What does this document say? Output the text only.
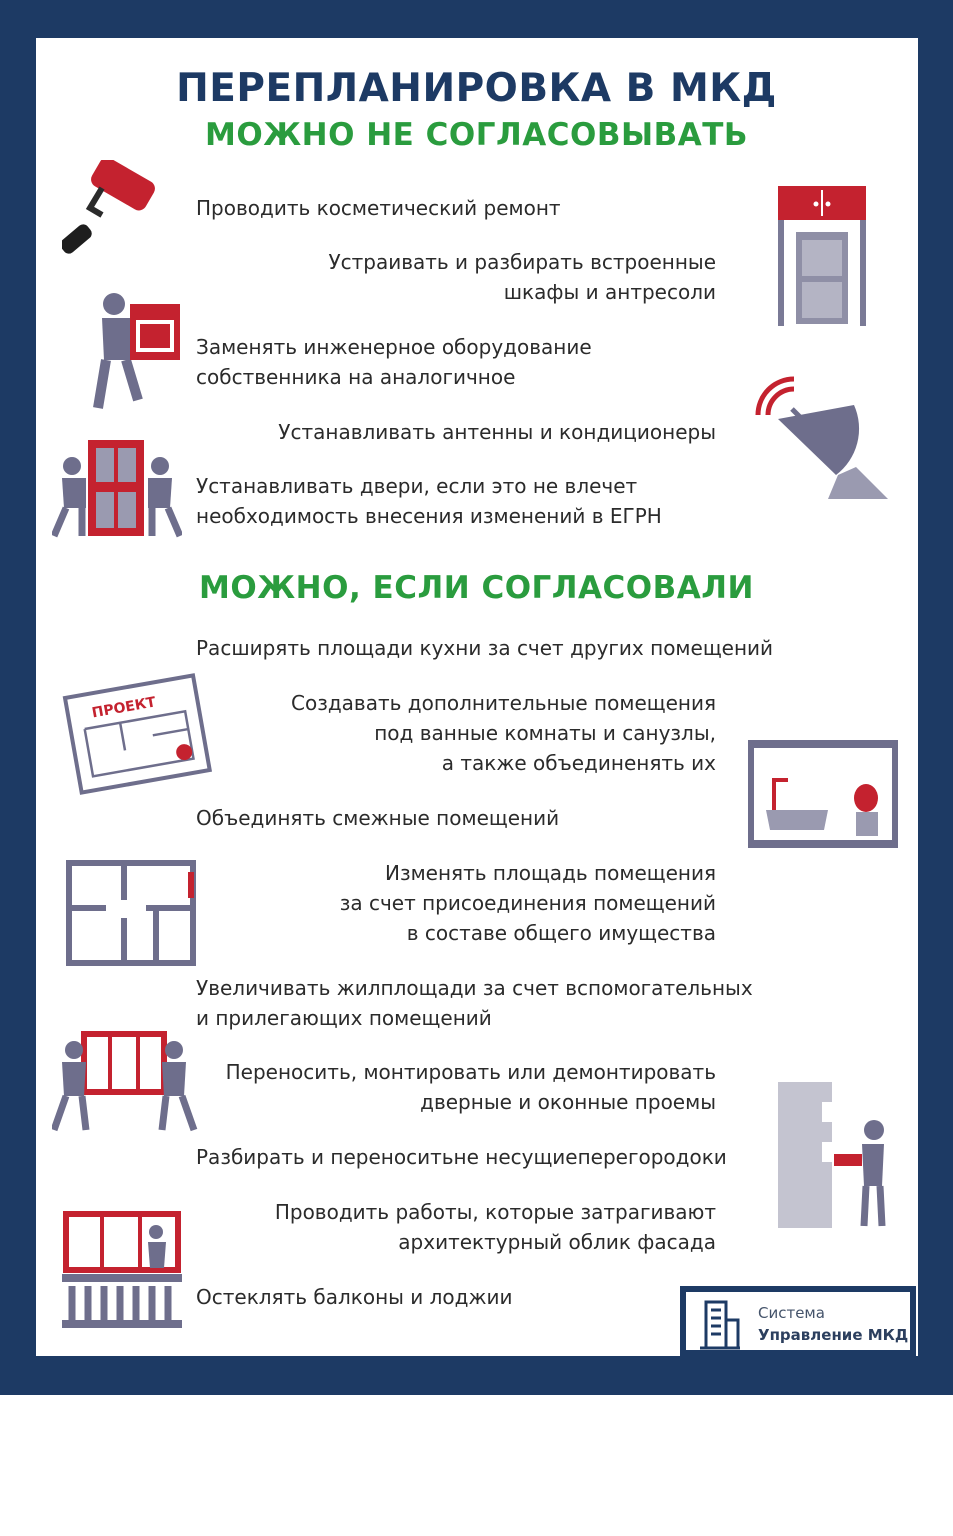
ПЕРЕПЛАНИРОВКА В МКД
МОЖНО НЕ СОГЛАСОВЫВАТЬ
МОЖНО, ЕСЛИ СОГЛАСОВАЛИ
Проводить косметический ремонт
Устраивать и разбирать встроенные
шкафы и антресоли
Заменять инженерное оборудование
собственника на аналогичное
Устанавливать антенны и кондиционеры
Устанавливать двери, если это не влечет
необходимость внесения изменений в ЕГРН
Расширять площади кухни за счет других помещений
Создавать дополнительные помещения
под ванные комнаты и санузлы,
а также объединенять их
Объединять смежные помещений
Изменять площадь помещения
за счет присоединения помещений
в составе общего имущества
Увеличивать жилплощади за счет вспомогательных
и прилегающих помещений
Переносить, монтировать или демонтировать
дверные и оконные проемы
Разбирать и переноситьне несущиеперегородоки
Проводить работы, которые затрагивают
архитектурный облик фасада
Остеклять балконы и лоджии
ПРОЕКТ
Система
Управление МКД
